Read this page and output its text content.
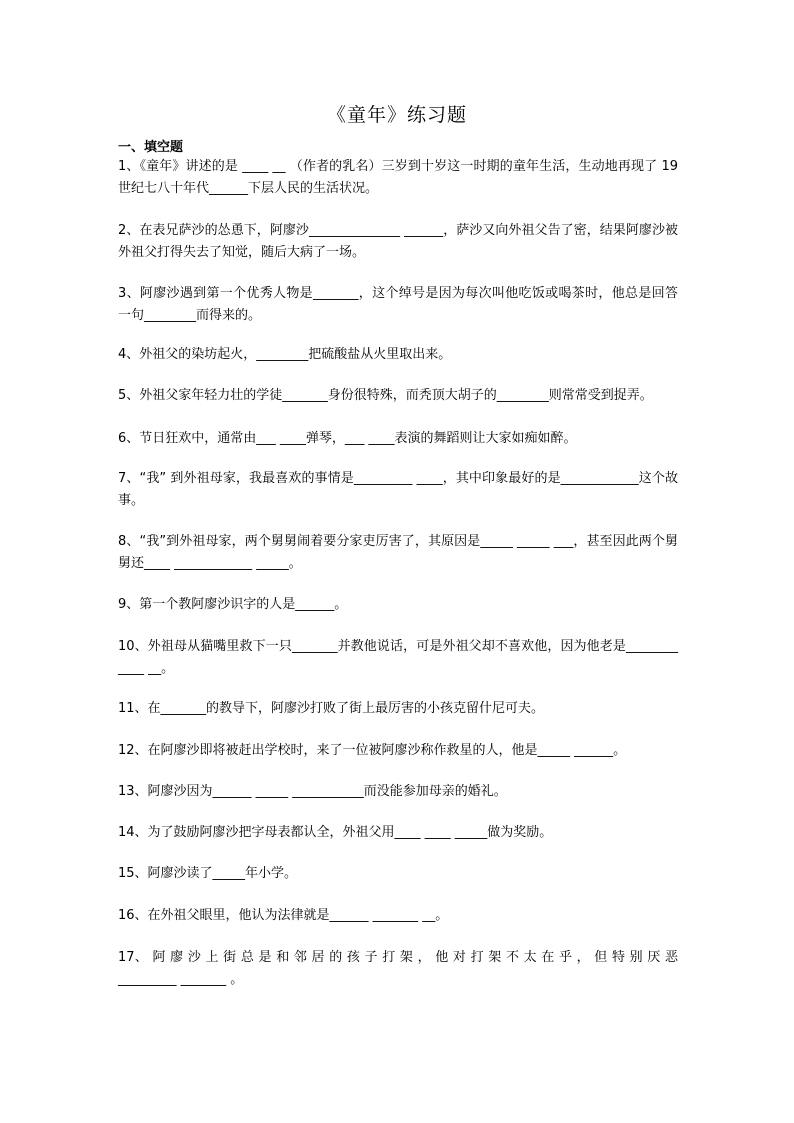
《童年》练习题
一、填空题
1、《童年》讲述的是 ____ __ （作者的乳名）三岁到十岁这一时期的童年生活，生动地再现了 19 世纪七八十年代______下层人民的生活状况。
2、在表兄萨沙的怂恿下，阿廖沙______________ ______，萨沙又向外祖父告了密，结果阿廖沙被外祖父打得失去了知觉，随后大病了一场。
3、阿廖沙遇到第一个优秀人物是_______，这个绰号是因为每次叫他吃饭或喝茶时，他总是回答一句________而得来的。
4、外祖父的染坊起火，________把硫酸盐从火里取出来。
5、外祖父家年轻力壮的学徒_______身份很特殊，而秃顶大胡子的________则常常受到捉弄。
6、节日狂欢中，通常由___ ____弹琴，___ ____表演的舞蹈则让大家如痴如醉。
7、“我” 到外祖母家，我最喜欢的事情是_________ ____，其中印象最好的是____________这个故事。
8、“我”到外祖母家，两个舅舅闹着要分家吏厉害了，其原因是_____ _____ ___，甚至因此两个舅舅还____ ____________ _____。
9、第一个教阿廖沙识字的人是______。
10、外祖母从猫嘴里救下一只_______并教他说话，可是外祖父却不喜欢他，因为他老是________ ____ __。
11、在_______的教导下，阿廖沙打败了街上最厉害的小孩克留什尼可夫。
12、在阿廖沙即将被赶出学校时，来了一位被阿廖沙称作救星的人，他是_____ ______。
13、阿廖沙因为______ _____ ___________而没能参加母亲的婚礼。
14、为了鼓励阿廖沙把字母表都认全，外祖父用____ ____ _____做为奖励。
15、阿廖沙读了_____年小学。
16、在外祖父眼里，他认为法律就是______ _______ __。
17、 阿 廖 沙 上 街 总 是 和 邻 居 的 孩 子 打 架 ， 他 对 打 架 不 太 在 乎 ， 但 特 别 厌 恶 _________ _______ 。
